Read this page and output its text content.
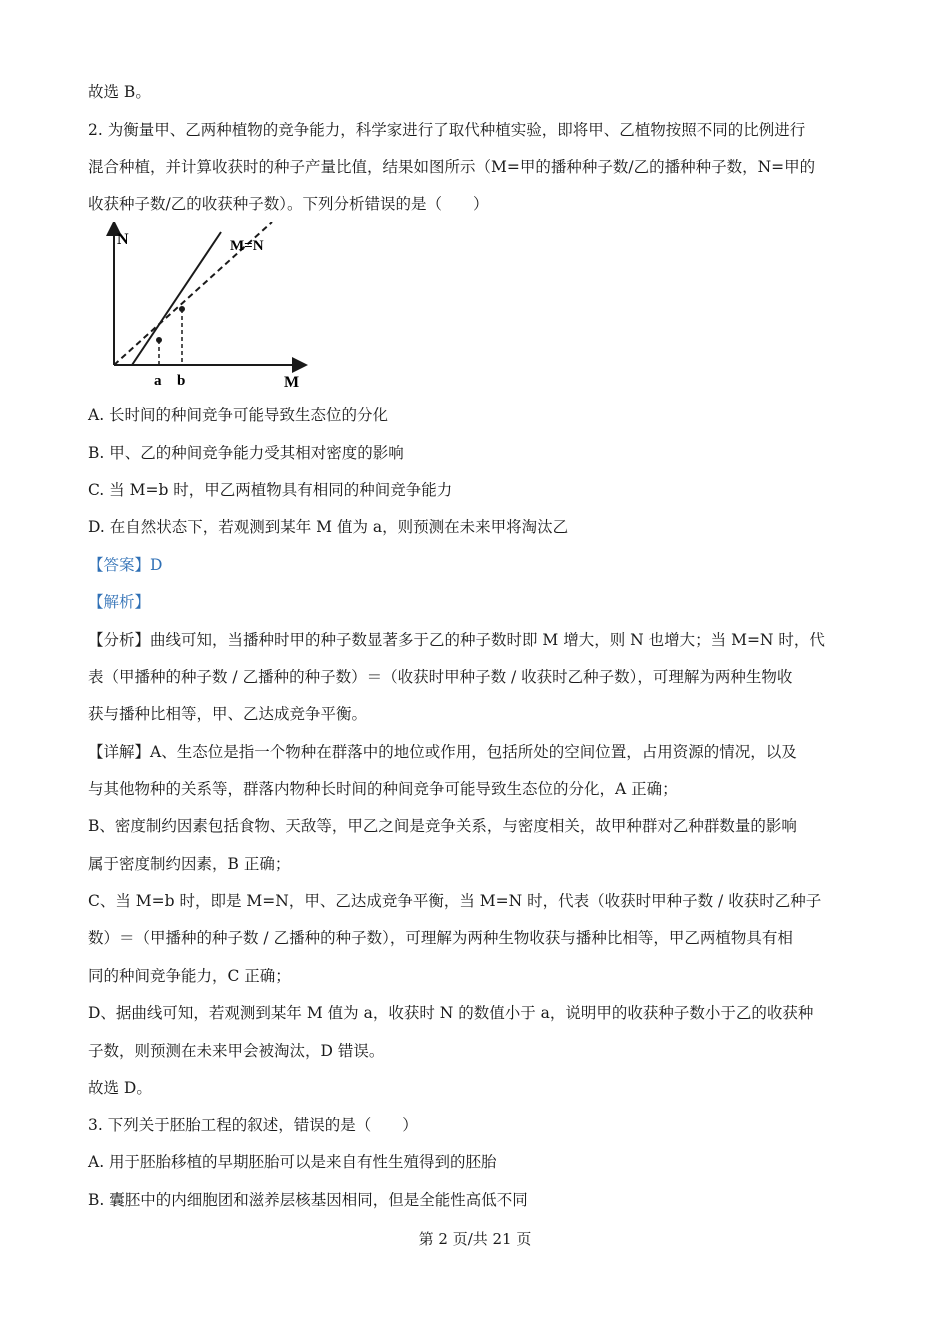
故选 B。
2. 为衡量甲、乙两种植物的竞争能力，科学家进行了取代种植实验，即将甲、乙植物按照不同的比例进行
混合种植，并计算收获时的种子产量比值，结果如图所示（M=甲的播种种子数/乙的播种种子数，N=甲的
收获种子数/乙的收获种子数）。下列分析错误的是（　　）
N	M=N
a b	M
A. 长时间的种间竞争可能导致生态位的分化
B. 甲、乙的种间竞争能力受其相对密度的影响
C. 当 M=b 时，甲乙两植物具有相同的种间竞争能力
D. 在自然状态下，若观测到某年 M 值为 a，则预测在未来甲将淘汰乙
【答案】D
【解析】
【分析】曲线可知，当播种时甲的种子数显著多于乙的种子数时即 M 增大，则 N 也增大；当 M=N 时，代
表（甲播种的种子数 / 乙播种的种子数）＝（收获时甲种子数 / 收获时乙种子数），可理解为两种生物收
获与播种比相等，甲、乙达成竞争平衡。
【详解】A、生态位是指一个物种在群落中的地位或作用，包括所处的空间位置，占用资源的情况，以及
与其他物种的关系等，群落内物种长时间的种间竞争可能导致生态位的分化，A 正确；
B、密度制约因素包括食物、天敌等，甲乙之间是竞争关系，与密度相关，故甲种群对乙种群数量的影响
属于密度制约因素，B 正确；
C、当 M=b 时，即是 M=N，甲、乙达成竞争平衡，当 M=N 时，代表（收获时甲种子数 / 收获时乙种子
数）＝（甲播种的种子数 / 乙播种的种子数），可理解为两种生物收获与播种比相等，甲乙两植物具有相
同的种间竞争能力，C 正确；
D、据曲线可知，若观测到某年 M 值为 a，收获时 N 的数值小于 a，说明甲的收获种子数小于乙的收获种
子数，则预测在未来甲会被淘汰，D 错误。
故选 D。
3. 下列关于胚胎工程的叙述，错误的是（　　）
A. 用于胚胎移植的早期胚胎可以是来自有性生殖得到的胚胎
B. 囊胚中的内细胞团和滋养层核基因相同，但是全能性高低不同
第 2 页/共 21 页
